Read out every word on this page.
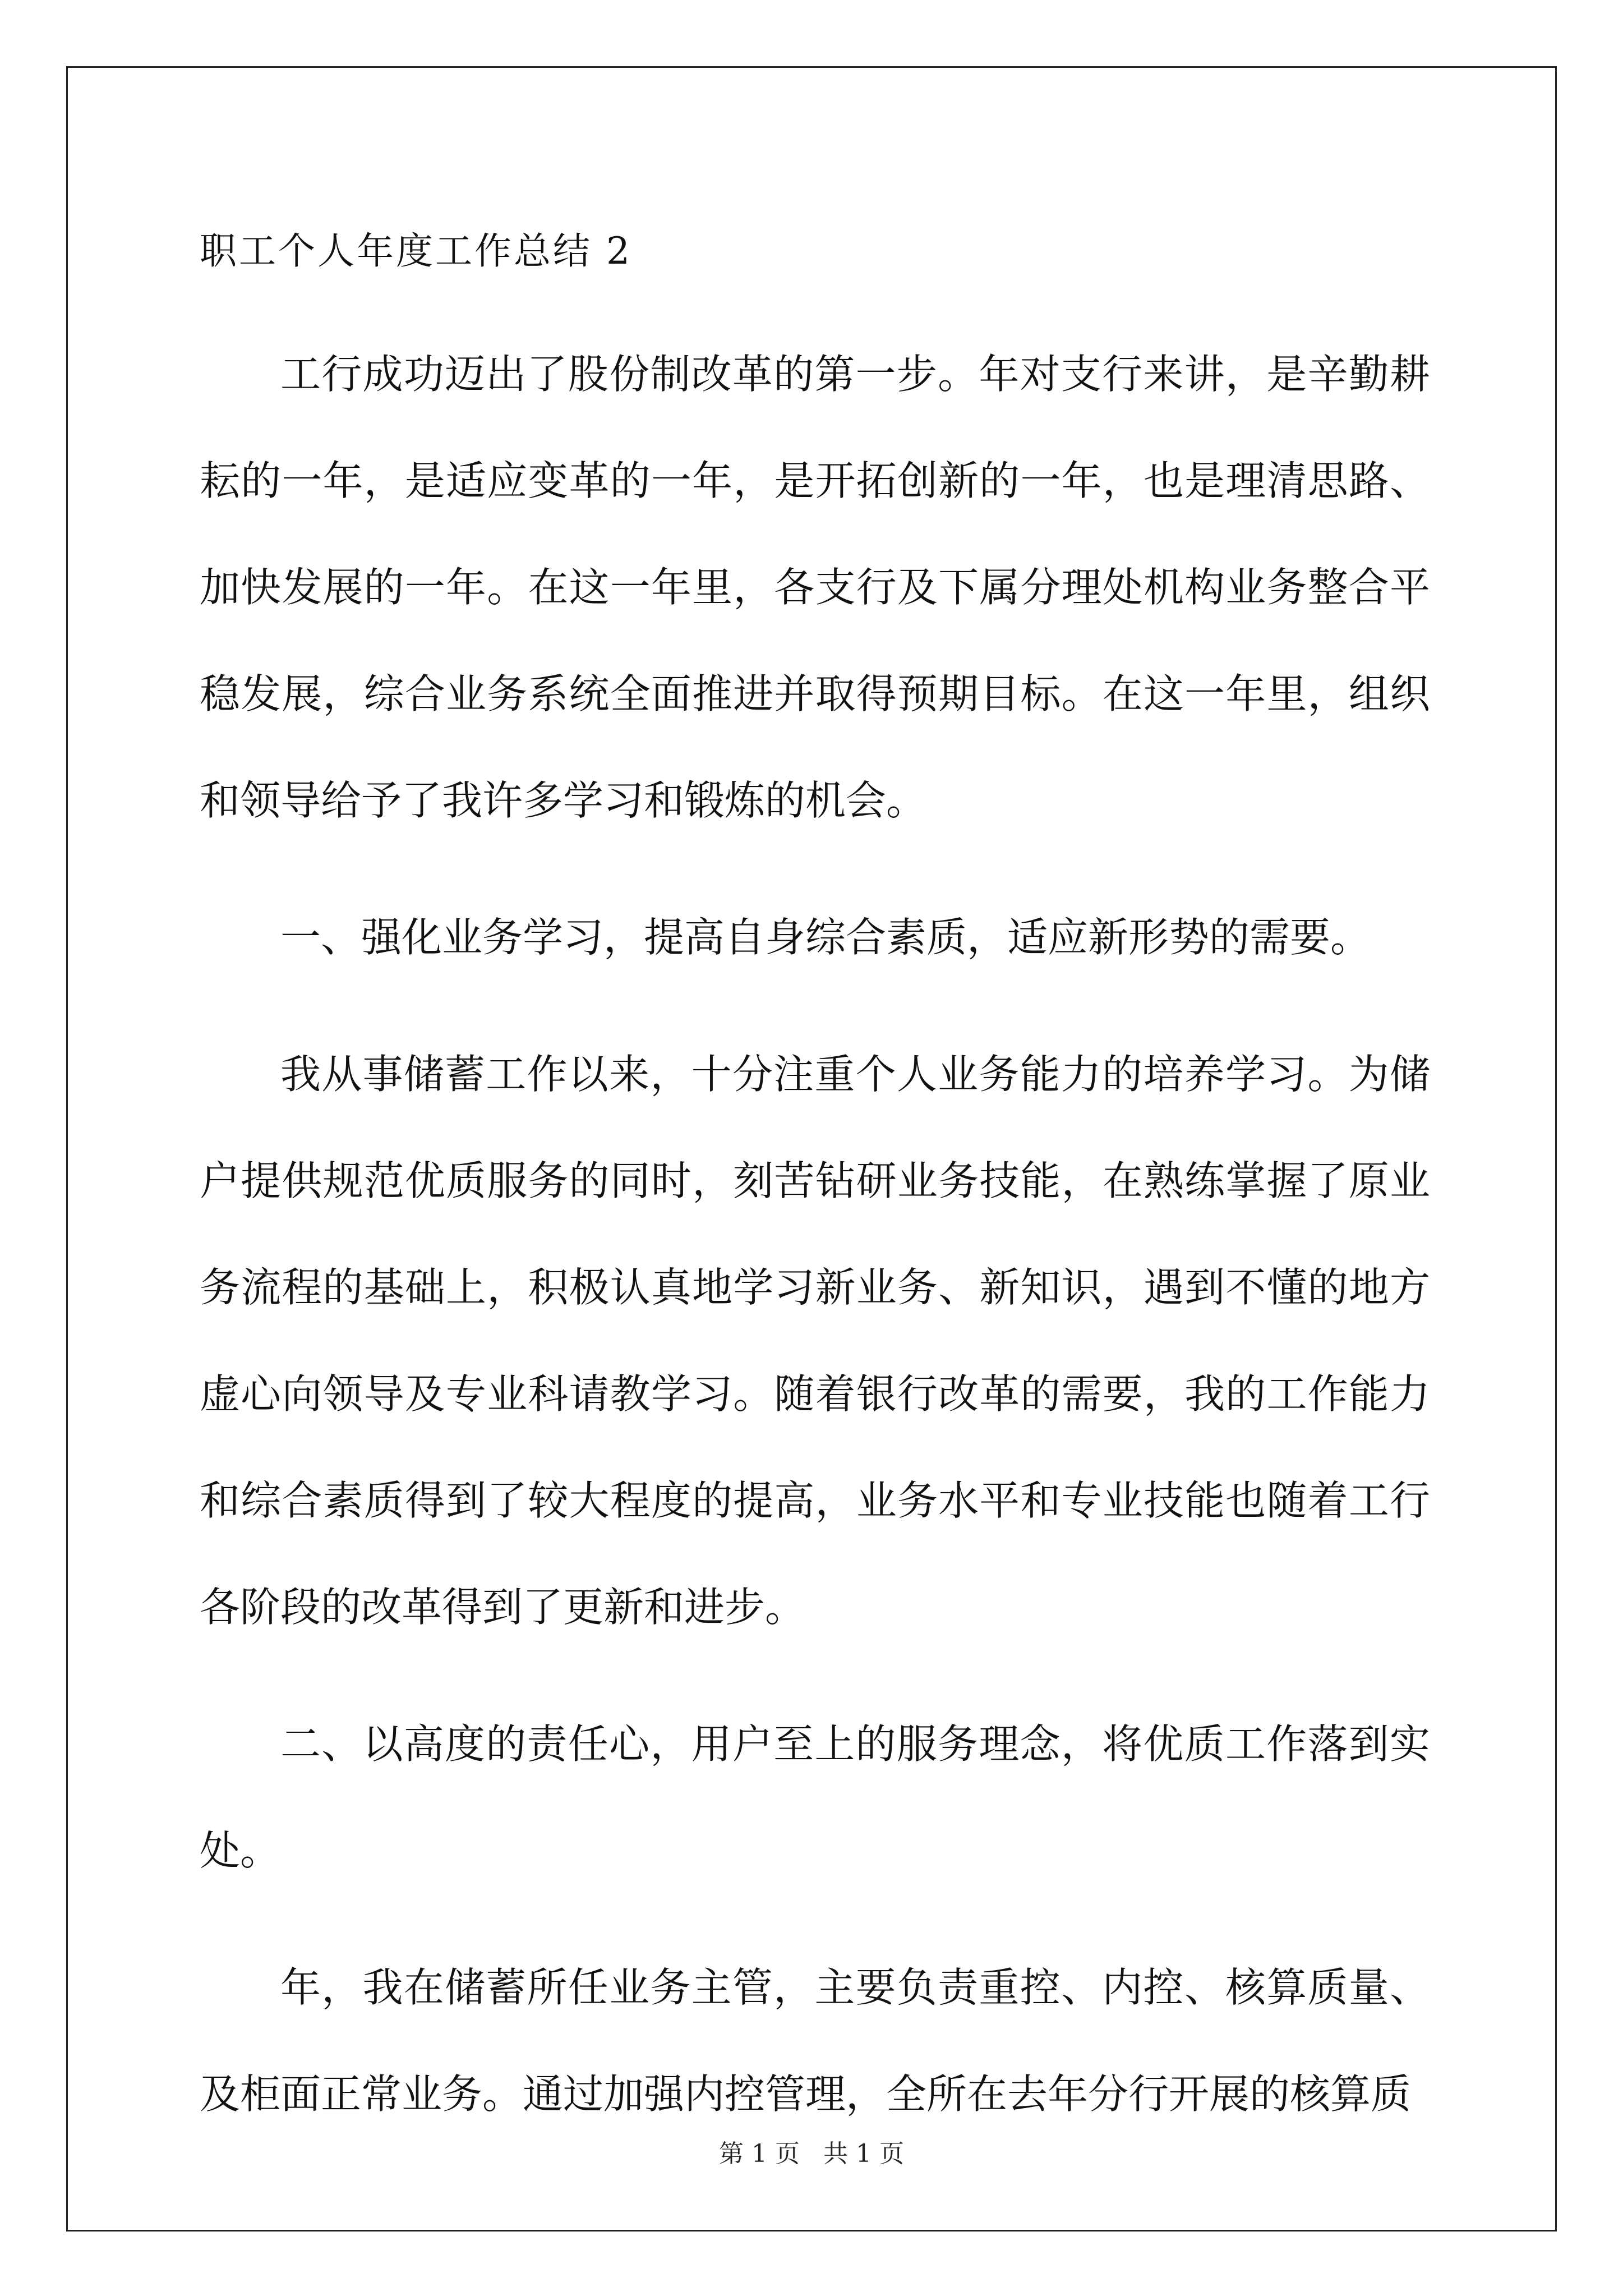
职工个人年度工作总结 2

工行成功迈出了股份制改革的第一步。年对支行来讲，是辛勤耕耘的一年，是适应变革的一年，是开拓创新的一年，也是理清思路、加快发展的一年。在这一年里，各支行及下属分理处机构业务整合平稳发展，综合业务系统全面推进并取得预期目标。在这一年里，组织和领导给予了我许多学习和锻炼的机会。

一、强化业务学习，提高自身综合素质，适应新形势的需要。

我从事储蓄工作以来，十分注重个人业务能力的培养学习。为储户提供规范优质服务的同时，刻苦钻研业务技能，在熟练掌握了原业务流程的基础上，积极认真地学习新业务、新知识，遇到不懂的地方虚心向领导及专业科请教学习。随着银行改革的需要，我的工作能力和综合素质得到了较大程度的提高，业务水平和专业技能也随着工行各阶段的改革得到了更新和进步。

二、以高度的责任心，用户至上的服务理念，将优质工作落到实处。

年，我在储蓄所任业务主管，主要负责重控、内控、核算质量、及柜面正常业务。通过加强内控管理，全所在去年分行开展的核算质

第 1 页   共 1 页
